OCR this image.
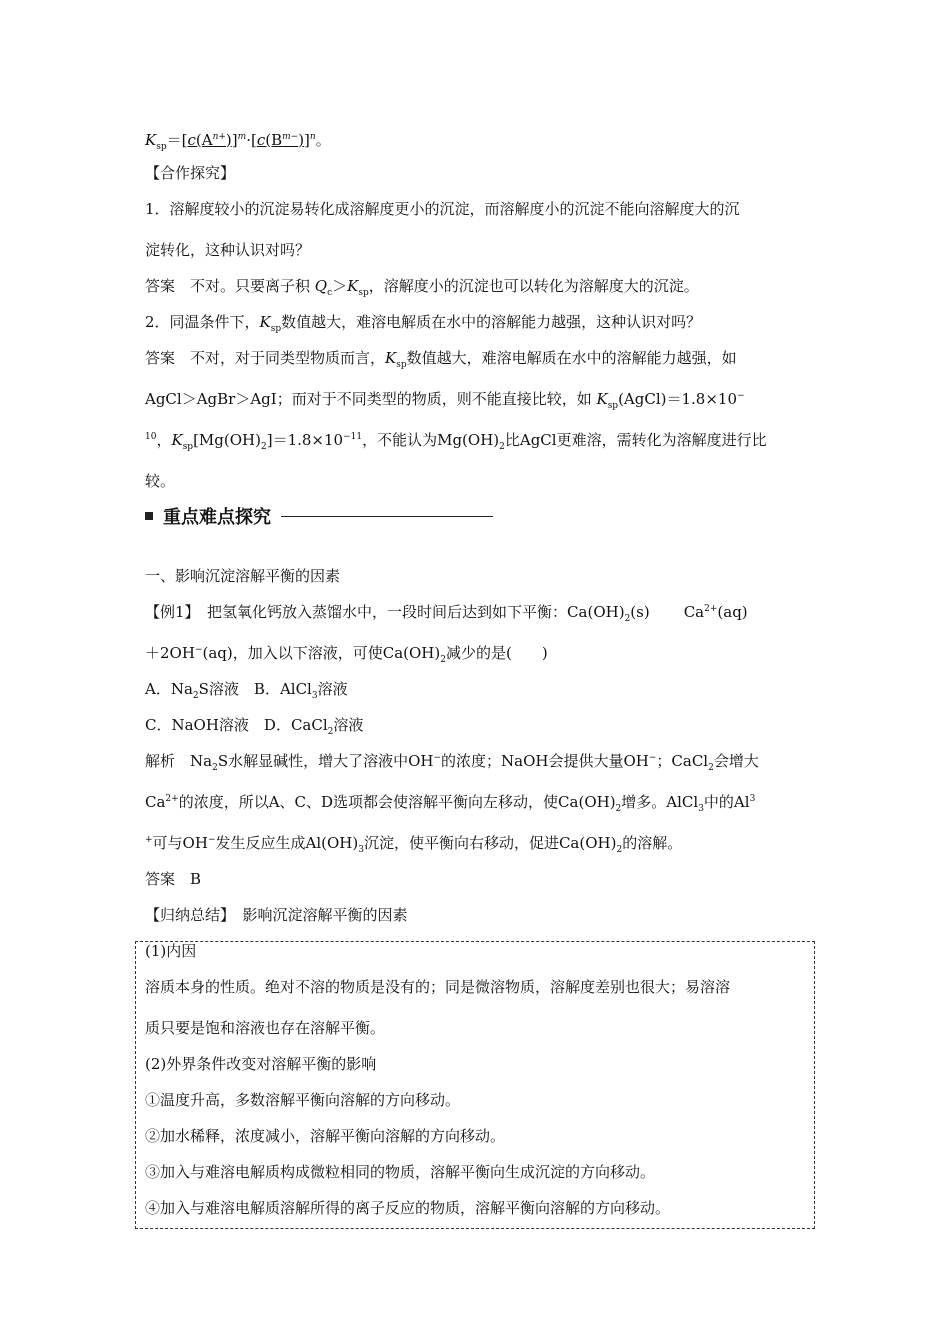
$K_{sp}=[c(A^{n+})]^m\cdot[c(B^{m-})]^n$。
【合作探究】
1．溶解度较小的沉淀易转化成溶解度更小的沉淀，而溶解度小的沉淀不能向溶解度大的沉
淀转化，这种认识对吗？
答案　不对。只要离子积 $Q_c>K_{sp}$，溶解度小的沉淀也可以转化为溶解度大的沉淀。
2．同温条件下，$K_{sp}$数值越大，难溶电解质在水中的溶解能力越强，这种认识对吗？
答案　不对，对于同类型物质而言，$K_{sp}$数值越大，难溶电解质在水中的溶解能力越强，如
AgCl＞AgBr＞AgI；而对于不同类型的物质，则不能直接比较，如 $K_{sp}(AgCl)=1.8\times 10^-$
$^{10}$，$K_{sp}[Mg(OH)_2]=1.8\times 10^{-11}$，不能认为$Mg(OH)_2$比AgCl更难溶，需转化为溶解度进行比
较。
重点难点探究
一、影响沉淀溶解平衡的因素
【例1】　把氢氧化钙放入蒸馏水中，一段时间后达到如下平衡：$Ca(OH)_2(s)$ $Ca^{2+}(aq)$
＋2OH−(aq)，加入以下溶液，可使$Ca(OH)_2$减少的是(　　)
A．$Na_2S$溶液　B．AlCl$_3$溶液
C．NaOH溶液　D．CaCl$_2$溶液
解析　$Na_2S$水解显碱性，增大了溶液中OH−的浓度；NaOH会提供大量OH−；CaCl$_2$会增大
$Ca^{2+}$的浓度，所以A、C、D选项都会使溶解平衡向左移动，使$Ca(OH)_2$增多。AlCl$_3$中的Al$^3$
+可与OH−发生反应生成$Al(OH)_3$沉淀，使平衡向右移动，促进$Ca(OH)_2$的溶解。
答案　B
【归纳总结】　影响沉淀溶解平衡的因素
(1)内因
溶质本身的性质。绝对不溶的物质是没有的；同是微溶物质，溶解度差别也很大；易溶溶
质只要是饱和溶液也存在溶解平衡。
(2)外界条件改变对溶解平衡的影响
①温度升高，多数溶解平衡向溶解的方向移动。
②加水稀释，浓度减小，溶解平衡向溶解的方向移动。
③加入与难溶电解质构成微粒相同的物质，溶解平衡向生成沉淀的方向移动。
④加入与难溶电解质溶解所得的离子反应的物质，溶解平衡向溶解的方向移动。
